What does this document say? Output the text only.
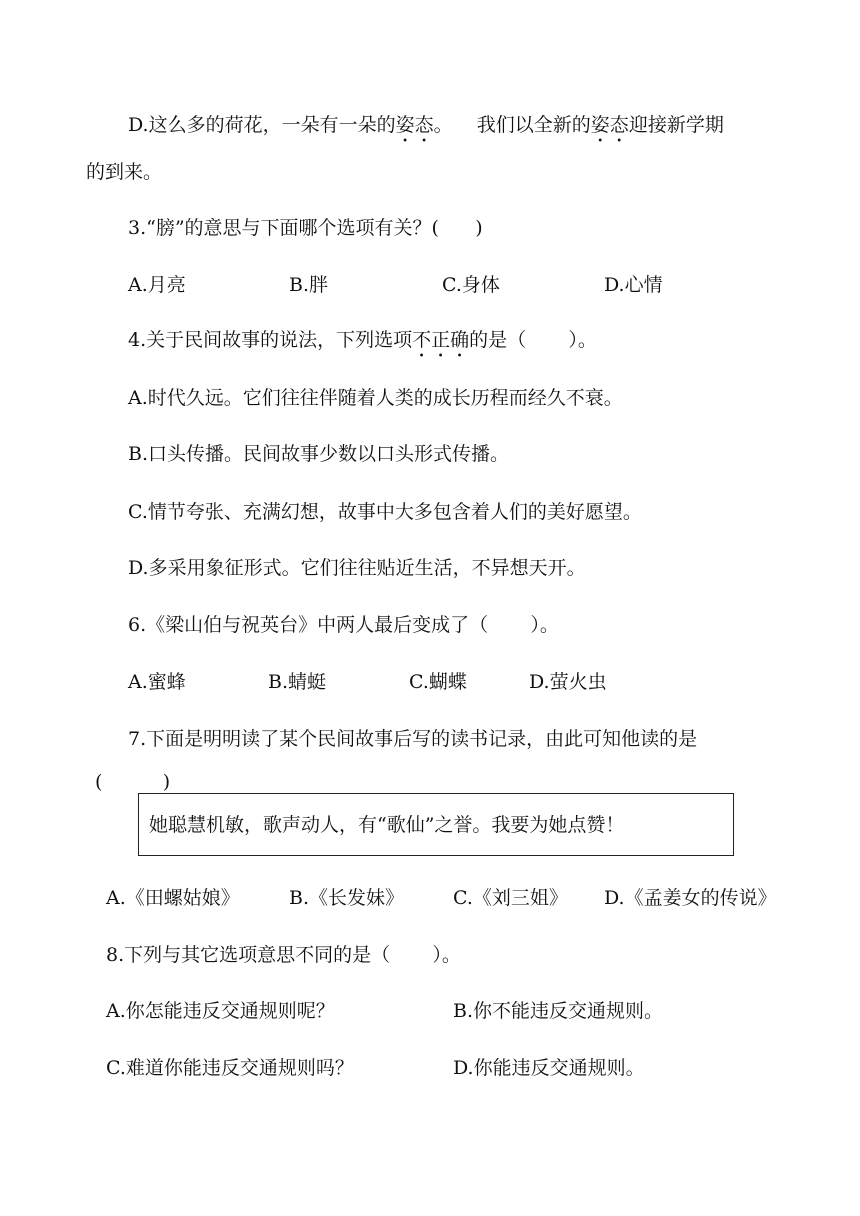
D.这么多的荷花，一朵有一朵的姿态。    我们以全新的姿态迎接新学期
的到来。
3.“膀”的意思与下面哪个选项有关？(      )
A.月亮	B.胖	C.身体	D.心情
4.关于民间故事的说法，下列选项不正确的是（       ）。
A.时代久远。它们往往伴随着人类的成长历程而经久不衰。
B.口头传播。民间故事少数以口头形式传播。
C.情节夸张、充满幻想，故事中大多包含着人们的美好愿望。
D.多采用象征形式。它们往往贴近生活，不异想天开。
6.《梁山伯与祝英台》中两人最后变成了（       ）。
A.蜜蜂	B.蜻蜓	C.蝴蝶	D.萤火虫
7.下面是明明读了某个民间故事后写的读书记录，由此可知他读的是
(          )
她聪慧机敏，歌声动人，有“歌仙”之誉。我要为她点赞！
A.《田螺姑娘》	B.《长发妹》	C.《刘三姐》 D.《孟姜女的传说》
8.下列与其它选项意思不同的是（       ）。
A.你怎能违反交通规则呢？	B.你不能违反交通规则。
C.难道你能违反交通规则吗？	D.你能违反交通规则。
